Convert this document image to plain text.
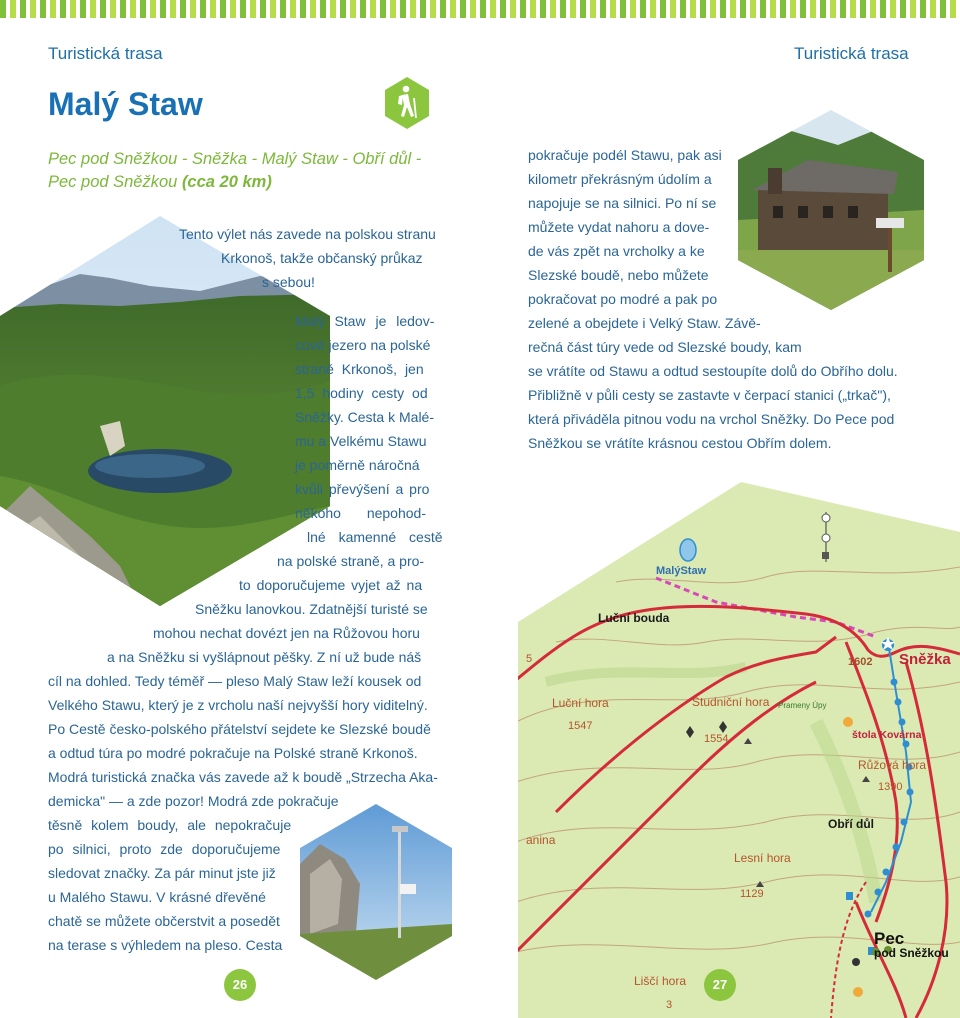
Turistická trasa	Turistická trasa
Malý Staw
Pec pod Sněžkou - Sněžka - Malý Staw - Obří důl - Pec pod Sněžkou (cca 20 km)
MalýStaw
Luční bouda
1602 Sněžka
Luční hora
1547
Studniční hora
1554
Prameny Úpy
štola Kovárna
Růžová hora
1390
Obří důl
Lesní hora
1129
Pec
pod Sněžkou
anina
Liščí hora
5
3
Tento výlet nás zavede na polskou stranu
Krkonoš, takže občanský průkaz
s sebou!
Malý Staw je ledov-
cové jezero na polské
straně Krkonoš, jen
1,5 hodiny cesty od
Sněžky. Cesta k Malé-
mu a Velkému Stawu
je poměrně náročná
kvůli převýšení a pro
někoho nepohod-
lné kamenné cestě
na polské straně, a pro-
to doporučujeme vyjet až na
Sněžku lanovkou. Zdatnější turisté se
mohou nechat dovézt jen na Růžovou horu
a na Sněžku si vyšlápnout pěšky. Z ní už bude náš
cíl na dohled. Tedy téměř — pleso Malý Staw leží kousek od
Velkého Stawu, který je z vrcholu naší nejvyšší hory viditelný.
Po Cestě česko-polského přátelství sejdete ke Slezské boudě
a odtud túra po modré pokračuje na Polské straně Krkonoš.
Modrá turistická značka vás zavede až k boudě „Strzecha Aka-
demicka" — a zde pozor! Modrá zde pokračuje
těsně kolem boudy, ale nepokračuje
po silnici, proto zde doporučujeme
sledovat značky. Za pár minut jste již
u Malého Stawu. V krásné dřevěné
chatě se můžete občerstvit a posedět
na terase s výhledem na pleso. Cesta
pokračuje podél Stawu, pak asi
kilometr překrásným údolím a
napojuje se na silnici. Po ní se
můžete vydat nahoru a dove-
de vás zpět na vrcholky a ke
Slezské boudě, nebo můžete
pokračovat po modré a pak po
zelené a obejdete i Velký Staw. Závě-
rečná část túry vede od Slezské boudy, kam
se vrátíte od Stawu a odtud sestoupíte dolů do Obřího dolu.
Přibližně v půli cesty se zastavte v čerpací stanici („trkač"),
která přiváděla pitnou vodu na vrchol Sněžky. Do Pece pod
Sněžkou se vrátíte krásnou cestou Obřím dolem.
26	27
